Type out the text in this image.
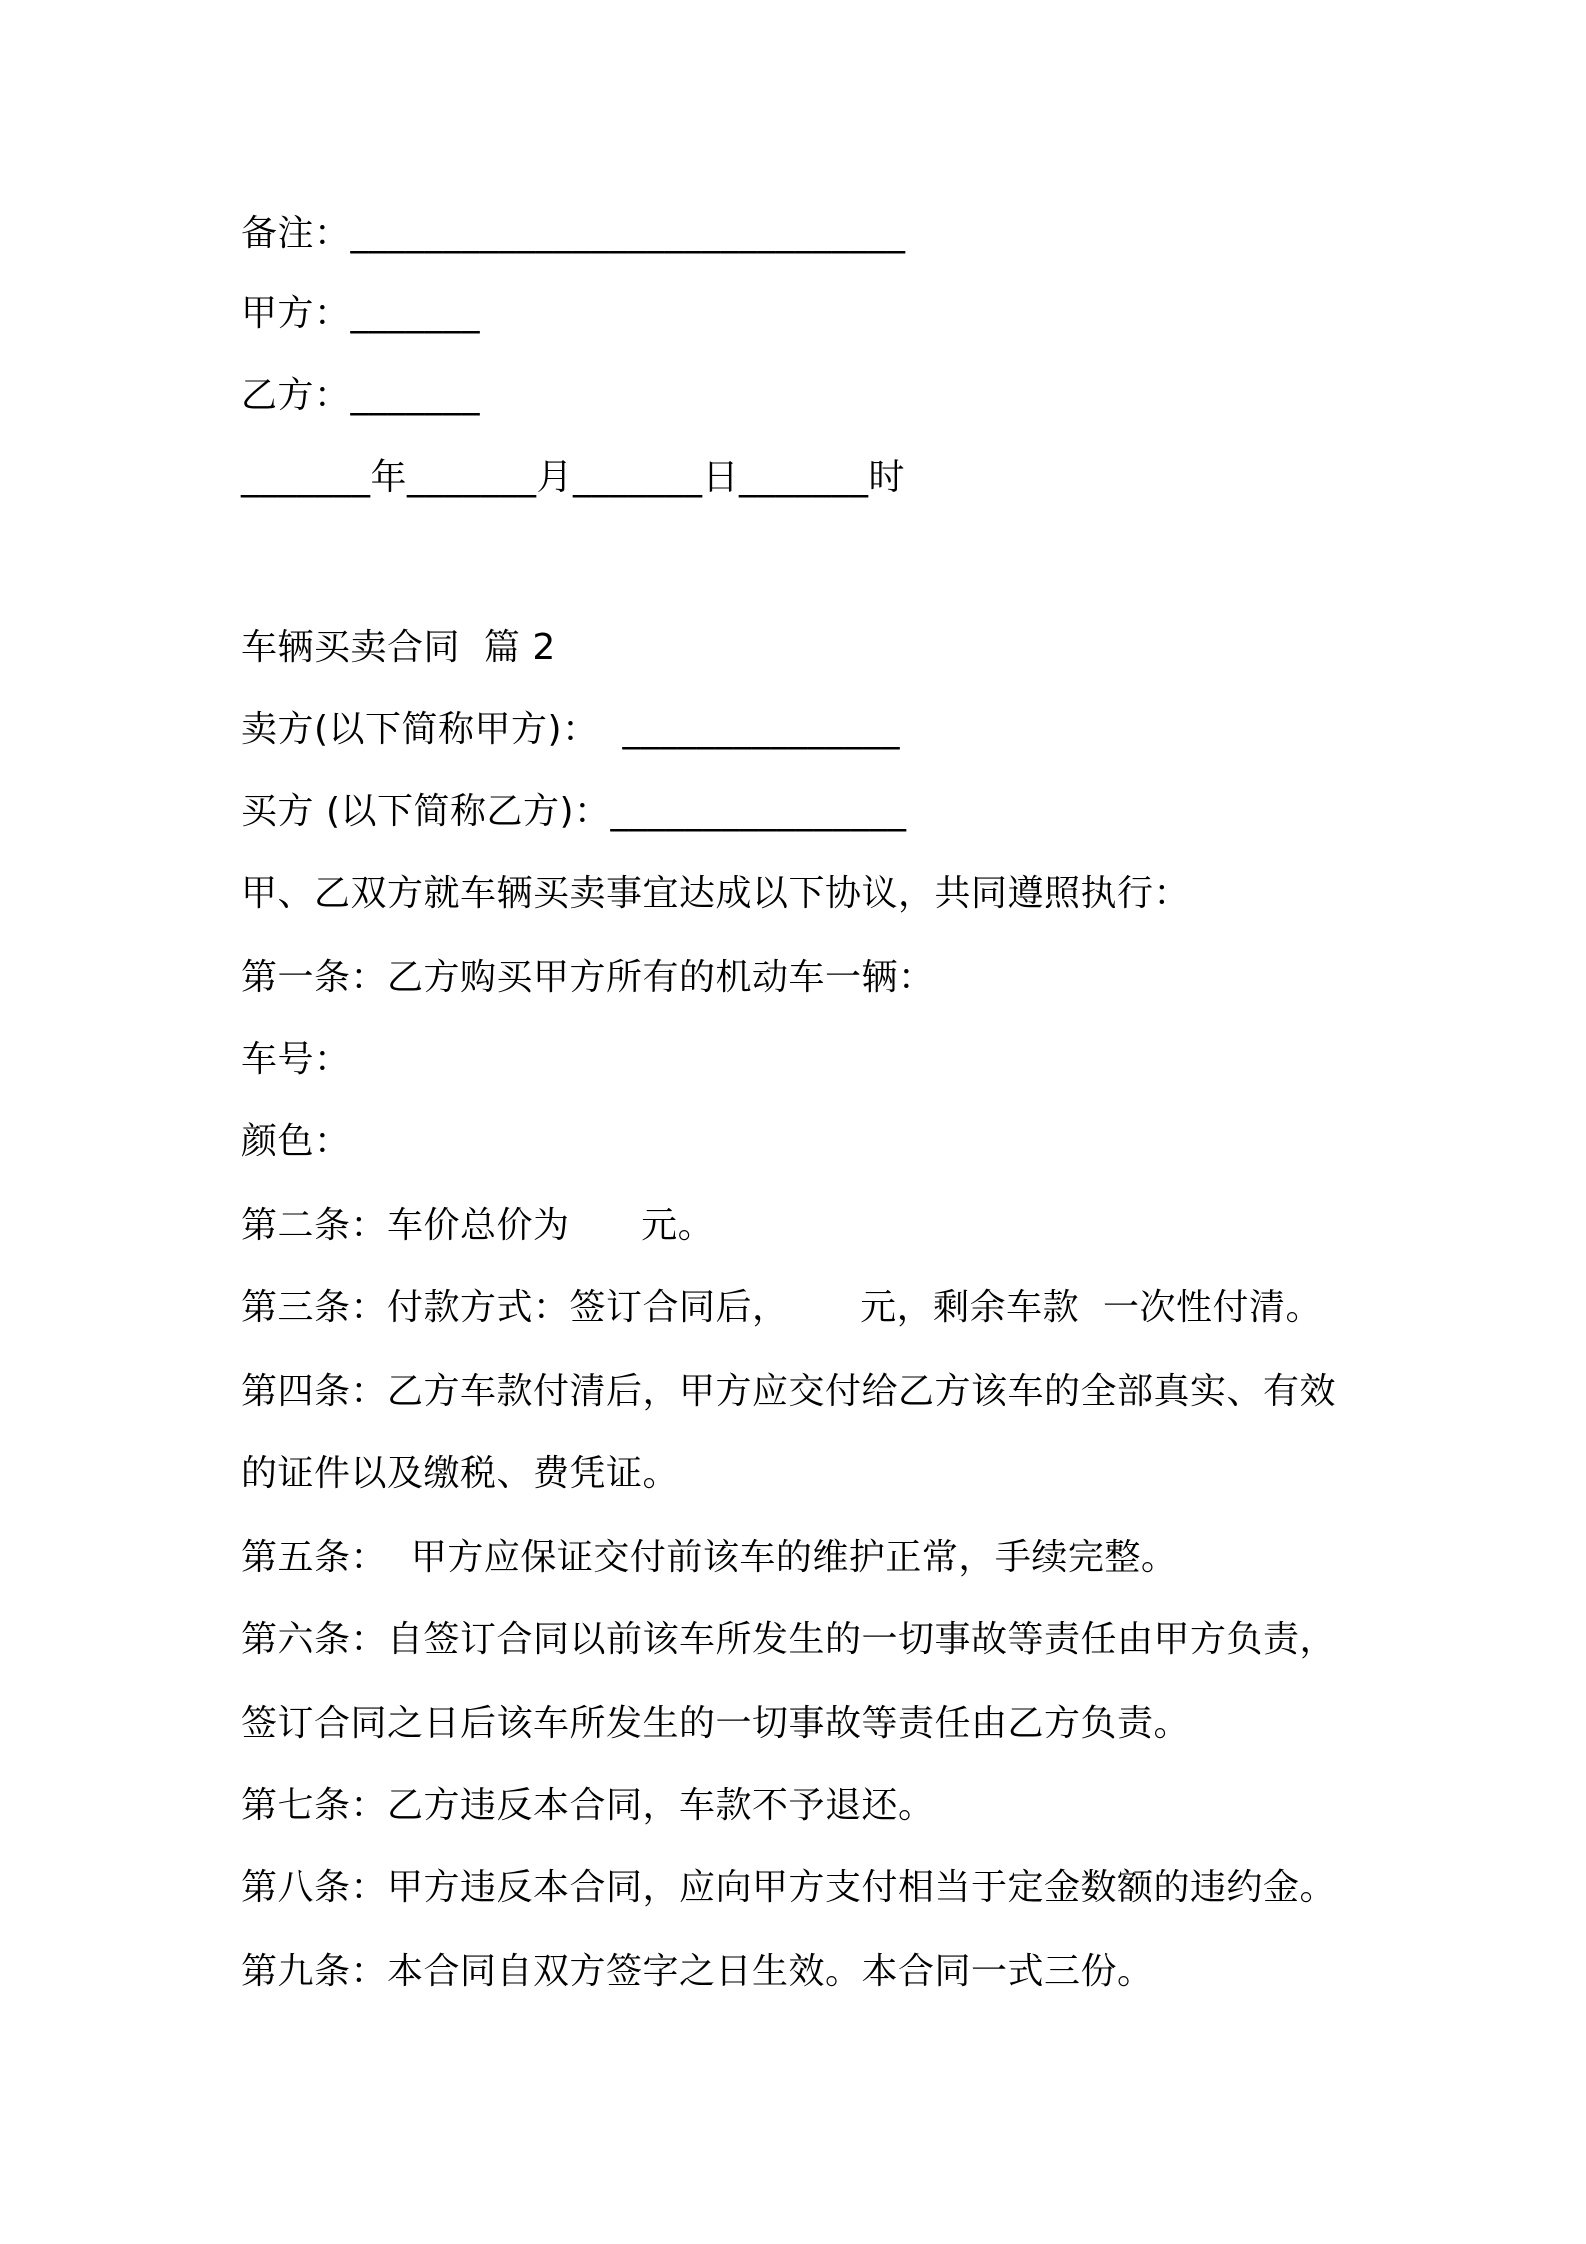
备注：______________________________
甲方：_______
乙方：_______
_______年_______月_______日_______时
车辆买卖合同  篇 2
卖方(以下简称甲方)：  _______________
买方 (以下简称乙方)：________________
甲、乙双方就车辆买卖事宜达成以下协议，共同遵照执行：
第一条：乙方购买甲方所有的机动车一辆：
车号：
颜色：
第二条：车价总价为      元。
第三条：付款方式：签订合同后，      元，剩余车款  一次性付清。
第四条：乙方车款付清后，甲方应交付给乙方该车的全部真实、有效
的证件以及缴税、费凭证。
第五条：  甲方应保证交付前该车的维护正常，手续完整。
第六条：自签订合同以前该车所发生的一切事故等责任由甲方负责，
签订合同之日后该车所发生的一切事故等责任由乙方负责。
第七条：乙方违反本合同，车款不予退还。
第八条：甲方违反本合同，应向甲方支付相当于定金数额的违约金。
第九条：本合同自双方签字之日生效。本合同一式三份。
